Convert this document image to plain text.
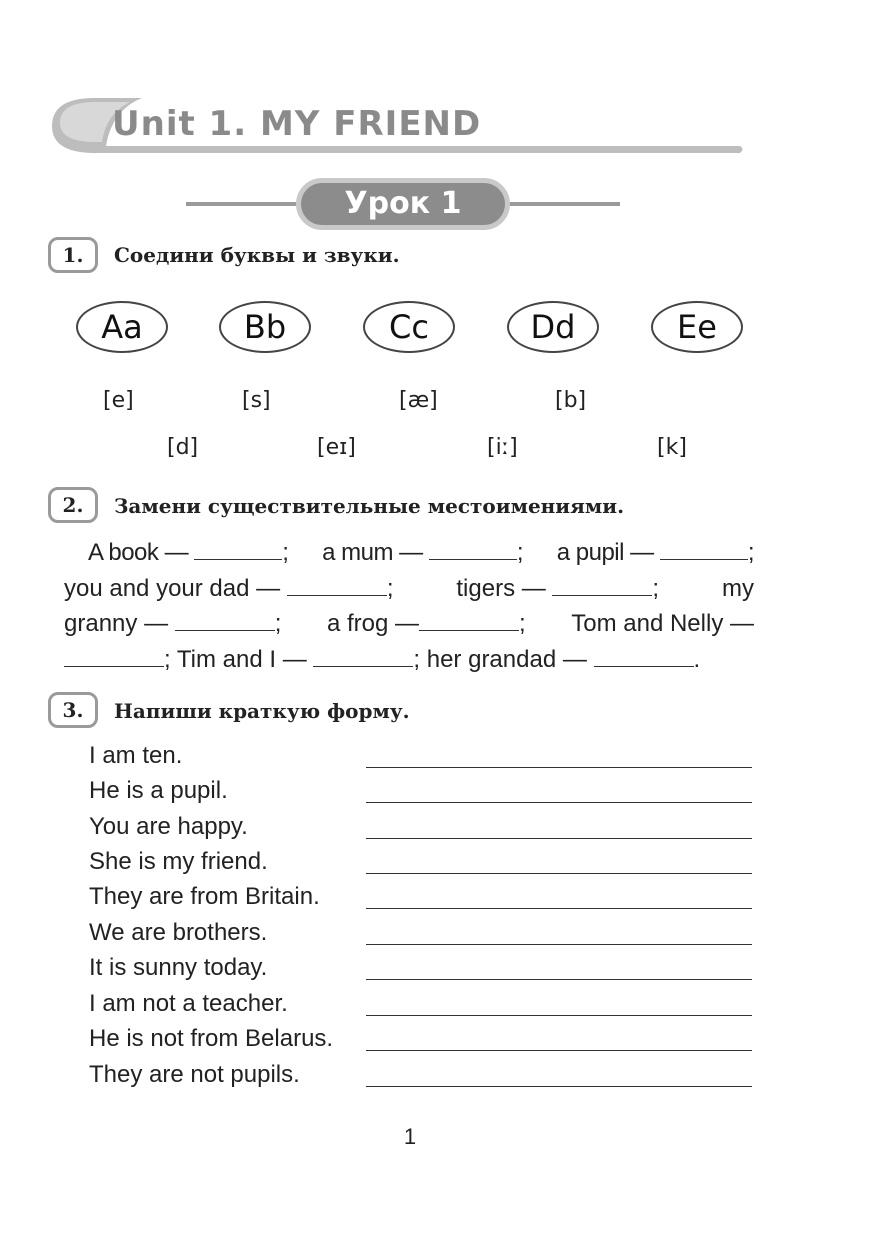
Unit 1. MY FRIEND
Урок 1
1.	Соедини буквы и звуки.
Aa	Bb	Cc	Dd	Ee
[e]	[s]	[æ]	[b]
[d]	[eɪ]	[iː]	[k]
2.	Замени существительные местоимениями.
A book —	; a mum —	; a pupil —	;
you and your dad —	;	tigers —	;	my
granny —	; a frog —	; Tom and Nelly —
; Tim and I —	; her grandad —	.
3.	Напиши краткую форму.
I am ten.
He is a pupil.
You are happy.
She is my friend.
They are from Britain.
We are brothers.
It is sunny today.
I am not a teacher.
He is not from Belarus.
They are not pupils.
1
